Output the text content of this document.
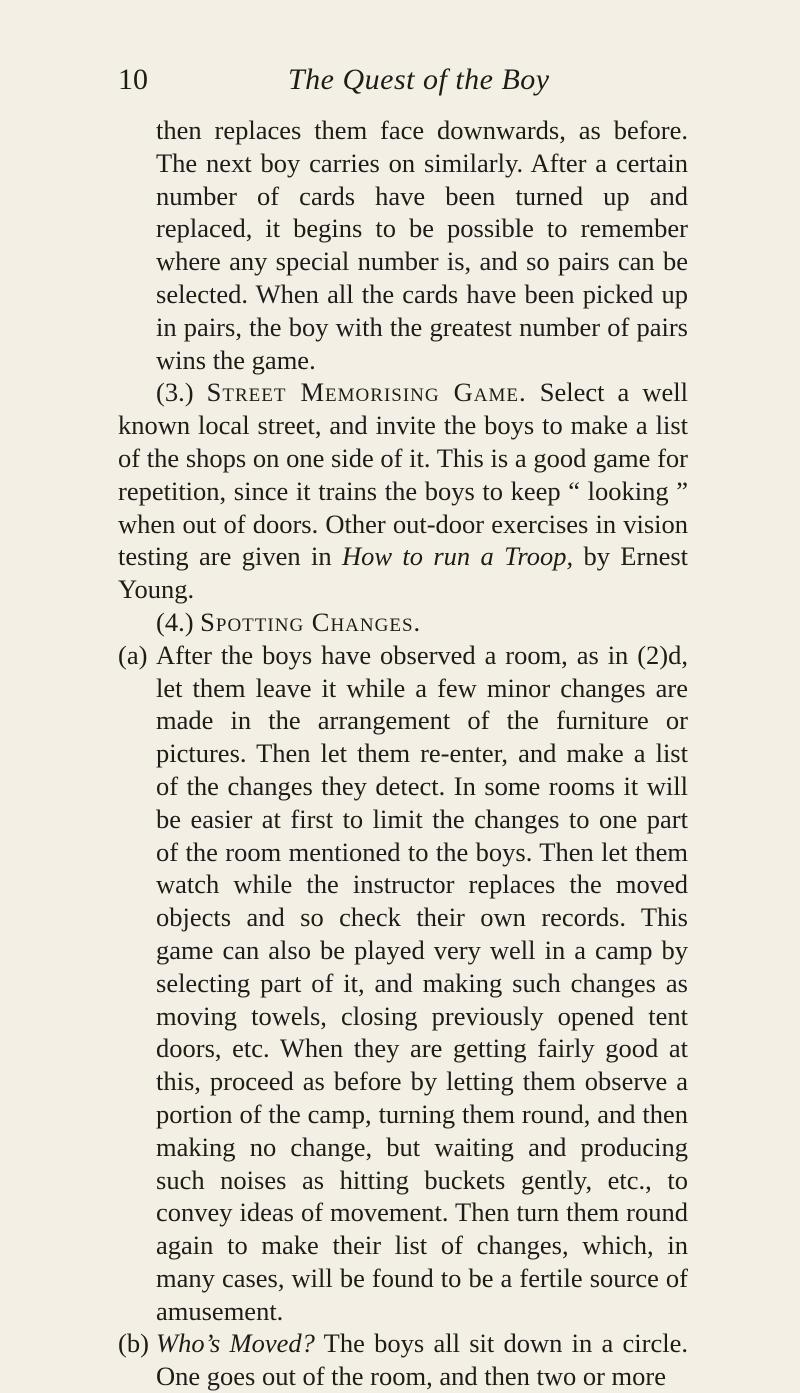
10	The Quest of the Boy

then replaces them face downwards, as before. The next boy carries on similarly. After a certain number of cards have been turned up and replaced, it begins to be possible to remember where any special number is, and so pairs can be selected. When all the cards have been picked up in pairs, the boy with the greatest number of pairs wins the game.

(3.) Street Memorising Game. Select a well known local street, and invite the boys to make a list of the shops on one side of it. This is a good game for repetition, since it trains the boys to keep “ looking ” when out of doors. Other out-door exercises in vision testing are given in How to run a Troop, by Ernest Young.

(4.) Spotting Changes.

(a) After the boys have observed a room, as in (2)d, let them leave it while a few minor changes are made in the arrangement of the furniture or pictures. Then let them re-enter, and make a list of the changes they detect. In some rooms it will be easier at first to limit the changes to one part of the room mentioned to the boys. Then let them watch while the instructor replaces the moved objects and so check their own records. This game can also be played very well in a camp by selecting part of it, and making such changes as moving towels, closing previously opened tent doors, etc. When they are getting fairly good at this, proceed as before by letting them observe a portion of the camp, turning them round, and then making no change, but waiting and producing such noises as hitting buckets gently, etc., to convey ideas of movement. Then turn them round again to make their list of changes, which, in many cases, will be found to be a fertile source of amusement.

(b) Who’s Moved? The boys all sit down in a circle. One goes out of the room, and then two or more
